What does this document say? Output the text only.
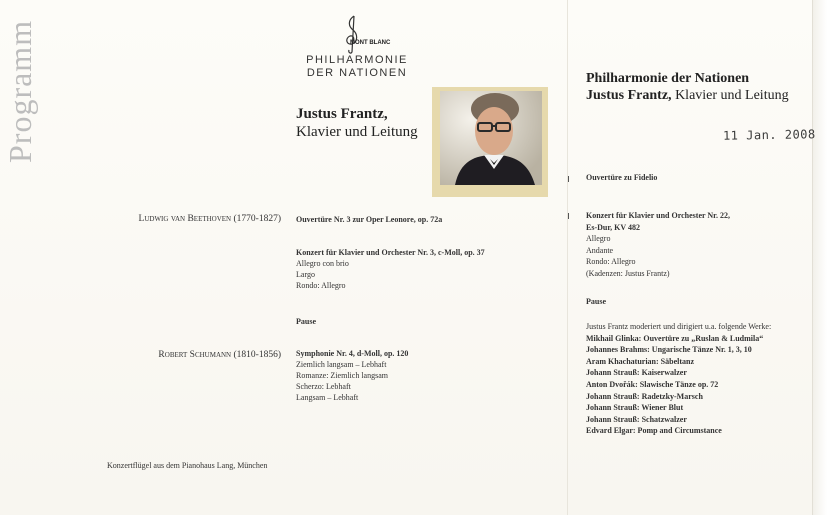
Programm	MONT BLANC
PHILHARMONIE
DER NATIONEN
Justus Frantz,
Klavier und Leitung
Ludwig van Beethoven (1770-1827)
Robert Schumann (1810-1856)
Ouvertüre Nr. 3 zur Oper Leonore, op. 72a
Konzert für Klavier und Orchester Nr. 3, c-Moll, op. 37
Allegro con brio
Largo
Rondo: Allegro
Pause
Symphonie Nr. 4, d-Moll, op. 120
Ziemlich langsam – Lebhaft
Romanze: Ziemlich langsam
Scherzo: Lebhaft
Langsam – Lebhaft
Konzertflügel aus dem Pianohaus Lang, München
Philharmonie der Nationen
Justus Frantz, Klavier und Leitung
11 Jan. 2008
Ouvertüre zu Fidelio
Konzert für Klavier und Orchester Nr. 22,
Es-Dur, KV 482
Allegro
Andante
Rondo: Allegro
(Kadenzen: Justus Frantz)
Pause
Justus Frantz moderiert und dirigiert u.a. folgende Werke:
Mikhail Glinka: Ouvertüre zu „Ruslan & Ludmila“
Johannes Brahms: Ungarische Tänze Nr. 1, 3, 10
Aram Khachaturian: Säbeltanz
Johann Strauß: Kaiserwalzer
Anton Dvořák: Slawische Tänze op. 72
Johann Strauß: Radetzky-Marsch
Johann Strauß: Wiener Blut
Johann Strauß: Schatzwalzer
Edvard Elgar: Pomp and Circumstance
